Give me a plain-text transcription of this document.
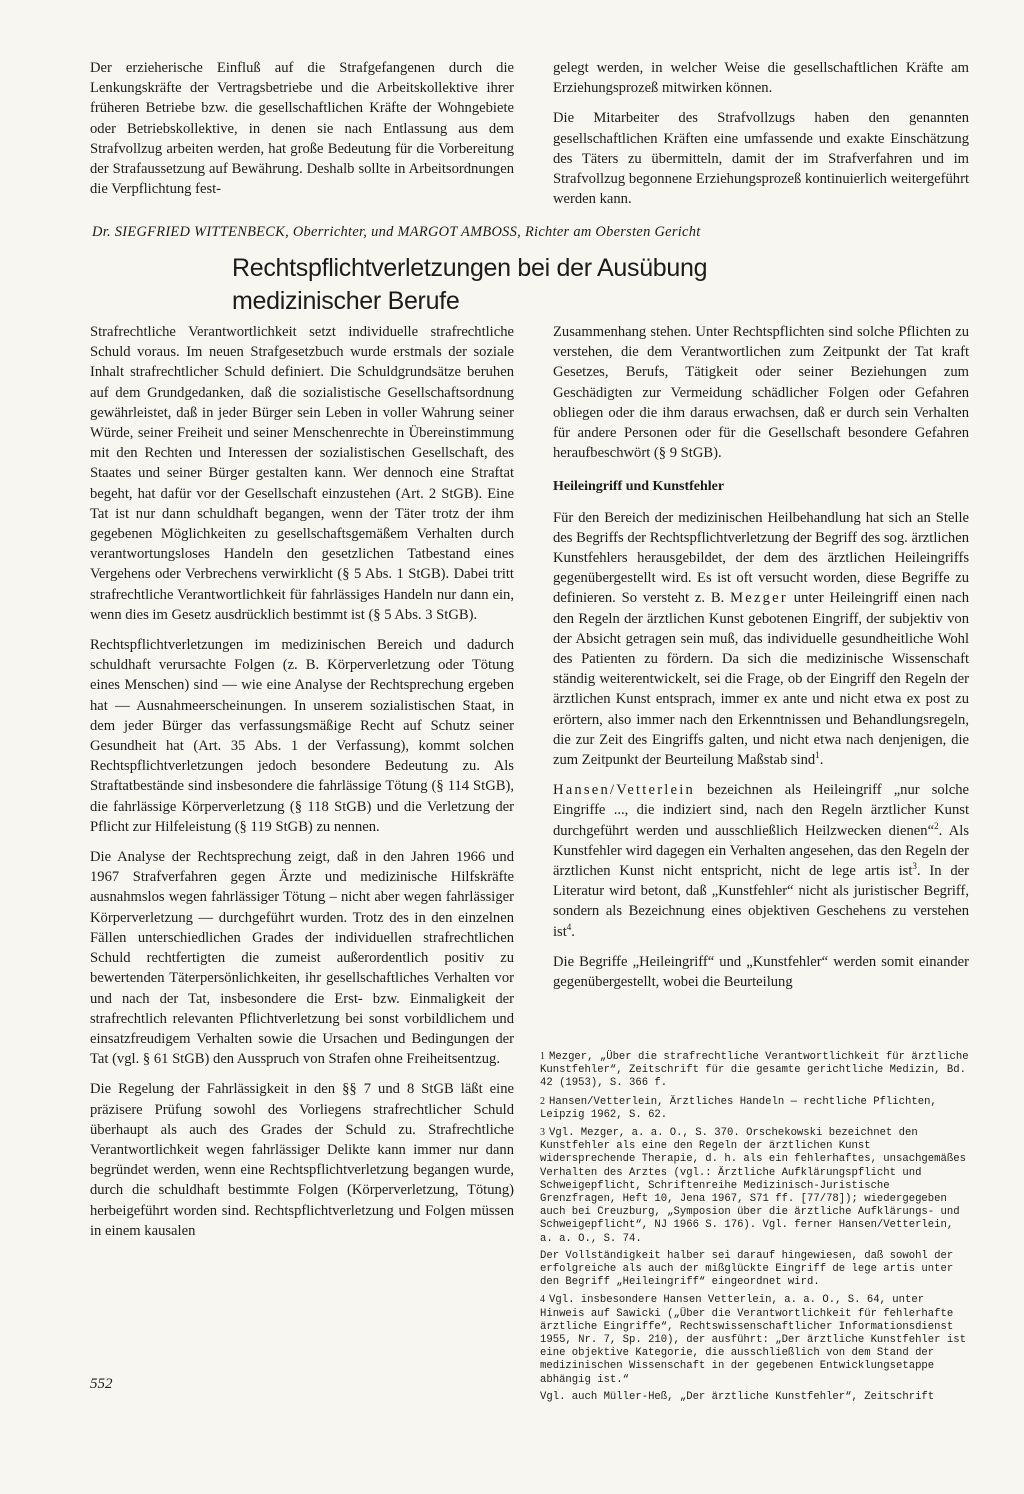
Der erzieherische Einfluß auf die Strafgefangenen durch die Lenkungskräfte der Vertragsbetriebe und die Arbeitskollektive ihrer früheren Betriebe bzw. die gesellschaftlichen Kräfte der Wohngebiete oder Betriebskollektive, in denen sie nach Entlassung aus dem Strafvollzug arbeiten werden, hat große Bedeutung für die Vorbereitung der Strafaussetzung auf Bewährung. Deshalb sollte in Arbeitsordnungen die Verpflichtung fest-

gelegt werden, in welcher Weise die gesellschaftlichen Kräfte am Erziehungsprozeß mitwirken können.

Die Mitarbeiter des Strafvollzugs haben den genannten gesellschaftlichen Kräften eine umfassende und exakte Einschätzung des Täters zu übermitteln, damit der im Strafverfahren und im Strafvollzug begonnene Erziehungsprozeß kontinuierlich weitergeführt werden kann.

Dr. SIEGFRIED WITTENBECK, Oberrichter, und MARGOT AMBOSS, Richter am Obersten Gericht
Rechtspflichtverletzungen bei der Ausübung medizinischer Berufe

Strafrechtliche Verantwortlichkeit setzt individuelle strafrechtliche Schuld voraus. Im neuen Strafgesetzbuch wurde erstmals der soziale Inhalt strafrechtlicher Schuld definiert. Die Schuldgrundsätze beruhen auf dem Grundgedanken, daß die sozialistische Gesellschaftsordnung gewährleistet, daß in jeder Bürger sein Leben in voller Wahrung seiner Würde, seiner Freiheit und seiner Menschenrechte in Übereinstimmung mit den Rechten und Interessen der sozialistischen Gesellschaft, des Staates und seiner Bürger gestalten kann. Wer dennoch eine Straftat begeht, hat dafür vor der Gesellschaft einzustehen (Art. 2 StGB). Eine Tat ist nur dann schuldhaft begangen, wenn der Täter trotz der ihm gegebenen Möglichkeiten zu gesellschaftsgemäßem Verhalten durch verantwortungsloses Handeln den gesetzlichen Tatbestand eines Vergehens oder Verbrechens verwirklicht (§ 5 Abs. 1 StGB). Dabei tritt strafrechtliche Verantwortlichkeit für fahrlässiges Handeln nur dann ein, wenn dies im Gesetz ausdrücklich bestimmt ist (§ 5 Abs. 3 StGB).

Rechtspflichtverletzungen im medizinischen Bereich und dadurch schuldhaft verursachte Folgen (z. B. Körperverletzung oder Tötung eines Menschen) sind — wie eine Analyse der Rechtsprechung ergeben hat — Ausnahmeerscheinungen. In unserem sozialistischen Staat, in dem jeder Bürger das verfassungsmäßige Recht auf Schutz seiner Gesundheit hat (Art. 35 Abs. 1 der Verfassung), kommt solchen Rechtspflichtverletzungen jedoch besondere Bedeutung zu. Als Straftatbestände sind insbesondere die fahrlässige Tötung (§ 114 StGB), die fahrlässige Körperverletzung (§ 118 StGB) und die Verletzung der Pflicht zur Hilfeleistung (§ 119 StGB) zu nennen.

Die Analyse der Rechtsprechung zeigt, daß in den Jahren 1966 und 1967 Strafverfahren gegen Ärzte und medizinische Hilfskräfte ausnahmslos wegen fahrlässiger Tötung – nicht aber wegen fahrlässiger Körperverletzung — durchgeführt wurden. Trotz des in den einzelnen Fällen unterschiedlichen Grades der individuellen strafrechtlichen Schuld rechtfertigten die zumeist außerordentlich positiv zu bewertenden Täterpersönlichkeiten, ihr gesellschaftliches Verhalten vor und nach der Tat, insbesondere die Erst- bzw. Einmaligkeit der strafrechtlich relevanten Pflichtverletzung bei sonst vorbildlichem und einsatzfreudigem Verhalten sowie die Ursachen und Bedingungen der Tat (vgl. § 61 StGB) den Ausspruch von Strafen ohne Freiheitsentzug.

Die Regelung der Fahrlässigkeit in den §§ 7 und 8 StGB läßt eine präzisere Prüfung sowohl des Vorliegens strafrechtlicher Schuld überhaupt als auch des Grades der Schuld zu. Strafrechtliche Verantwortlichkeit wegen fahrlässiger Delikte kann immer nur dann begründet werden, wenn eine Rechtspflichtverletzung begangen wurde, durch die schuldhaft bestimmte Folgen (Körperverletzung, Tötung) herbeigeführt worden sind. Rechtspflichtverletzung und Folgen müssen in einem kausalen

Zusammenhang stehen. Unter Rechtspflichten sind solche Pflichten zu verstehen, die dem Verantwortlichen zum Zeitpunkt der Tat kraft Gesetzes, Berufs, Tätigkeit oder seiner Beziehungen zum Geschädigten zur Vermeidung schädlicher Folgen oder Gefahren obliegen oder die ihm daraus erwachsen, daß er durch sein Verhalten für andere Personen oder für die Gesellschaft besondere Gefahren heraufbeschwört (§ 9 StGB).

Heileingriff und Kunstfehler

Für den Bereich der medizinischen Heilbehandlung hat sich an Stelle des Begriffs der Rechtspflichtverletzung der Begriff des sog. ärztlichen Kunstfehlers herausgebildet, der dem des ärztlichen Heileingriffs gegenübergestellt wird. Es ist oft versucht worden, diese Begriffe zu definieren. So versteht z. B. Mezger unter Heileingriff einen nach den Regeln der ärztlichen Kunst gebotenen Eingriff, der subjektiv von der Absicht getragen sein muß, das individuelle gesundheitliche Wohl des Patienten zu fördern. Da sich die medizinische Wissenschaft ständig weiterentwickelt, sei die Frage, ob der Eingriff den Regeln der ärztlichen Kunst entsprach, immer ex ante und nicht etwa ex post zu erörtern, also immer nach den Erkenntnissen und Behandlungsregeln, die zur Zeit des Eingriffs galten, und nicht etwa nach denjenigen, die zum Zeitpunkt der Beurteilung Maßstab sind$^1$.

Hansen/Vetterlein bezeichnen als Heileingriff „nur solche Eingriffe ..., die indiziert sind, nach den Regeln ärztlicher Kunst durchgeführt werden und ausschließlich Heilzwecken dienen“$^2$. Als Kunstfehler wird dagegen ein Verhalten angesehen, das den Regeln der ärztlichen Kunst nicht entspricht, nicht de lege artis ist$^3$. In der Literatur wird betont, daß „Kunstfehler“ nicht als juristischer Begriff, sondern als Bezeichnung eines objektiven Geschehens zu verstehen ist$^4$.

Die Begriffe „Heileingriff“ und „Kunstfehler“ werden somit einander gegenübergestellt, wobei die Beurteilung

1 Mezger, „Über die strafrechtliche Verantwortlichkeit für ärztliche Kunstfehler“, Zeitschrift für die gesamte gerichtliche Medizin, Bd. 42 (1953), S. 366 f.

2 Hansen/Vetterlein, Ärztliches Handeln — rechtliche Pflichten, Leipzig 1962, S. 62.

3 Vgl. Mezger, a. a. O., S. 370. Orschekowski bezeichnet den Kunstfehler als eine den Regeln der ärztlichen Kunst widersprechende Therapie, d. h. als ein fehlerhaftes, unsachgemäßes Verhalten des Arztes (vgl.: Ärztliche Aufklärungspflicht und Schweigepflicht, Schriftenreihe Medizinisch-Juristische Grenzfragen, Heft 10, Jena 1967, S71 ff. [77/78]); wiedergegeben auch bei Creuzburg, „Symposion über die ärztliche Aufklärungs- und Schweigepflicht“, NJ 1966 S. 176). Vgl. ferner Hansen/Vetterlein, a. a. O., S. 74.

Der Vollständigkeit halber sei darauf hingewiesen, daß sowohl der erfolgreiche als auch der mißglückte Eingriff de lege artis unter den Begriff „Heileingriff“ eingeordnet wird.

4 Vgl. insbesondere Hansen Vetterlein, a. a. O., S. 64, unter Hinweis auf Sawicki („Über die Verantwortlichkeit für fehlerhafte ärztliche Eingriffe“, Rechtswissenschaftlicher Informationsdienst 1955, Nr. 7, Sp. 210), der ausführt: „Der ärztliche Kunstfehler ist eine objektive Kategorie, die ausschließlich von dem Stand der medizinischen Wissenschaft in der gegebenen Entwicklungsetappe abhängig ist.“

Vgl. auch Müller-Heß, „Der ärztliche Kunstfehler“, Zeitschrift

552
